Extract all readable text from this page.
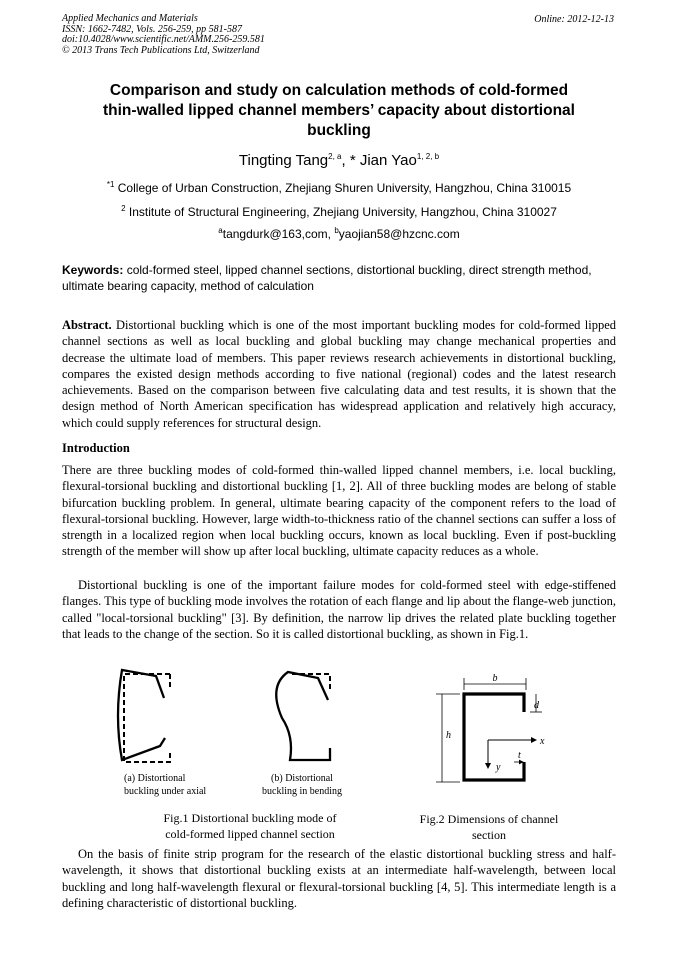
Applied Mechanics and Materials
ISSN: 1662-7482, Vols. 256-259, pp 581-587
doi:10.4028/www.scientific.net/AMM.256-259.581
© 2013 Trans Tech Publications Ltd, Switzerland
Online: 2012-12-13
Comparison and study on calculation methods of cold-formed
thin-walled lipped channel members’ capacity about distortional
buckling
Tingting Tang$^{2, a}$, * Jian Yao$^{1, 2, b}$
$^{*1}$ College of Urban Construction, Zhejiang Shuren University, Hangzhou, China 310015
$^2$ Institute of Structural Engineering, Zhejiang University, Hangzhou, China 310027
$^a$tangdurk@163,com, $^b$yaojian58@hzcnc.com
Keywords: cold-formed steel, lipped channel sections, distortional buckling, direct strength method, ultimate bearing capacity, method of calculation
Abstract. Distortional buckling which is one of the most important buckling modes for cold-formed lipped channel sections as well as local buckling and global buckling may change mechanical properties and decrease the ultimate load of members. This paper reviews research achievements in distortional buckling, compares the existed design methods according to five national (regional) codes and the latest research achievements. Based on the comparison between five calculating data and test results, it is shown that the design method of North American specification has widespread application and relatively high accuracy, which could supply references for structural design.
Introduction
There are three buckling modes of cold-formed thin-walled lipped channel members, i.e. local buckling, flexural-torsional buckling and distortional buckling [1, 2]. All of three buckling modes are belong of stable bifurcation buckling problem. In general, ultimate bearing capacity of the component refers to the load of flexural-torsional buckling. However, large width-to-thickness ratio of the channel sections can suffer a loss of strength in a localized region when local buckling occurs, known as local buckling. Even if post-buckling strength of the member will show up after local buckling, ultimate capacity reduces as a whole.
Distortional buckling is one of the important failure modes for cold-formed steel with edge-stiffened flanges. This type of buckling mode involves the rotation of each flange and lip about the flange-web junction, called "local-torsional buckling" [3]. By definition, the narrow lip drives the related plate buckling together that leads to the change of the section. So it is called distortional buckling, as shown in Fig.1.
(a) Distortional
buckling under axial
(b) Distortional
buckling in bending
Fig.1 Distortional buckling mode of
cold-formed lipped channel section
b
d
h
x
y
t
Fig.2 Dimensions of channel
section
On the basis of finite strip program for the research of the elastic distortional buckling stress and half-wavelength, it shows that distortional buckling exists at an intermediate half-wavelength, between local buckling and long half-wavelength flexural or flexural-torsional buckling [4, 5]. This intermediate length is a defining characteristic of distortional buckling.
